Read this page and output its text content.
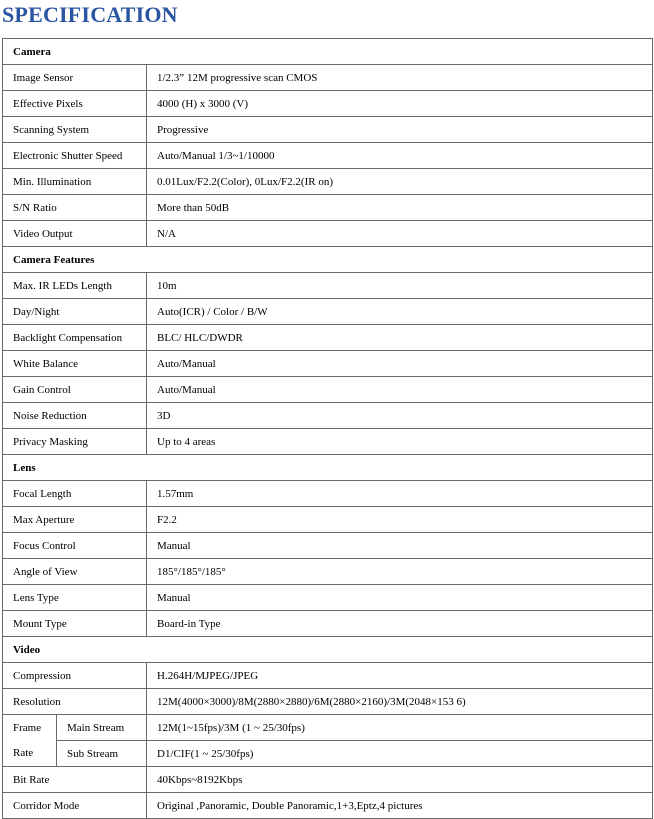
SPECIFICATION
Camera		
Image Sensor		1/2.3” 12M progressive scan CMOS
Effective Pixels		4000 (H) x 3000 (V)
Scanning System		Progressive
Electronic Shutter Speed		Auto/Manual 1/3~1/10000
Min. Illumination		0.01Lux/F2.2(Color), 0Lux/F2.2(IR on)
S/N Ratio		More than 50dB
Video Output		N/A
Camera Features		
Max. IR LEDs Length		10m
Day/Night		Auto(ICR) / Color / B/W
Backlight Compensation		BLC/ HLC/DWDR
White Balance		Auto/Manual
Gain Control		Auto/Manual
Noise Reduction		3D
Privacy Masking		Up to 4 areas
Lens		
Focal Length		1.57mm
Max Aperture		F2.2
Focus Control		Manual
Angle of View		185°/185°/185°
Lens Type		Manual
Mount Type		Board-in Type
Video		
Compression		H.264H/MJPEG/JPEG
Resolution		12M(4000×3000)/8M(2880×2880)/6M(2880×2160)/3M(2048×153 6)
Frame	Main Stream	12M(1~15fps)/3M (1 ~ 25/30fps)
Rate	Sub Stream	D1/CIF(1 ~ 25/30fps)
Bit Rate		40Kbps~8192Kbps
Corridor Mode		Original ,Panoramic, Double Panoramic,1+3,Eptz,4 pictures
